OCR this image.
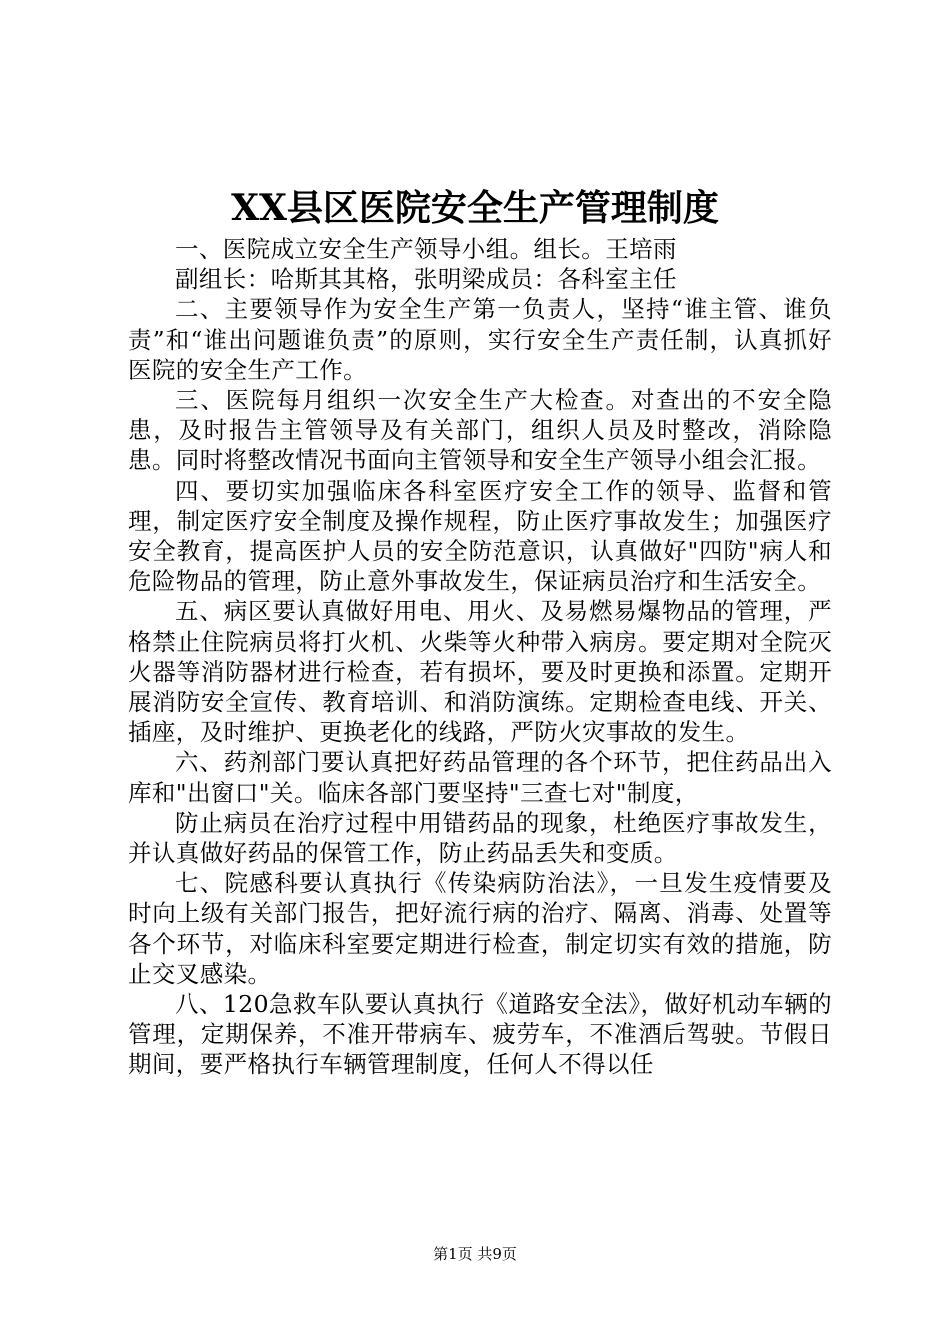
XX县区医院安全生产管理制度

一、医院成立安全生产领导小组。组长。王培雨

副组长：哈斯其其格，张明梁成员：各科室主任

二、主要领导作为安全生产第一负责人，坚持“谁主管、谁负责”和“谁出问题谁负责”的原则，实行安全生产责任制，认真抓好医院的安全生产工作。

三、医院每月组织一次安全生产大检查。对查出的不安全隐患，及时报告主管领导及有关部门，组织人员及时整改，消除隐患。同时将整改情况书面向主管领导和安全生产领导小组会汇报。

四、要切实加强临床各科室医疗安全工作的领导、监督和管理，制定医疗安全制度及操作规程，防止医疗事故发生；加强医疗安全教育，提高医护人员的安全防范意识，认真做好"四防"病人和危险物品的管理，防止意外事故发生，保证病员治疗和生活安全。

五、病区要认真做好用电、用火、及易燃易爆物品的管理，严格禁止住院病员将打火机、火柴等火种带入病房。要定期对全院灭火器等消防器材进行检查，若有损坏，要及时更换和添置。定期开展消防安全宣传、教育培训、和消防演练。定期检查电线、开关、插座，及时维护、更换老化的线路，严防火灾事故的发生。

六、药剂部门要认真把好药品管理的各个环节，把住药品出入库和"出窗口"关。临床各部门要坚持"三查七对"制度，

防止病员在治疗过程中用错药品的现象，杜绝医疗事故发生，并认真做好药品的保管工作，防止药品丢失和变质。

七、院感科要认真执行《传染病防治法》，一旦发生疫情要及时向上级有关部门报告，把好流行病的治疗、隔离、消毒、处置等各个环节，对临床科室要定期进行检查，制定切实有效的措施，防止交叉感染。

八、120急救车队要认真执行《道路安全法》，做好机动车辆的管理，定期保养，不准开带病车、疲劳车，不准酒后驾驶。节假日期间，要严格执行车辆管理制度，任何人不得以任

第1页 共9页
